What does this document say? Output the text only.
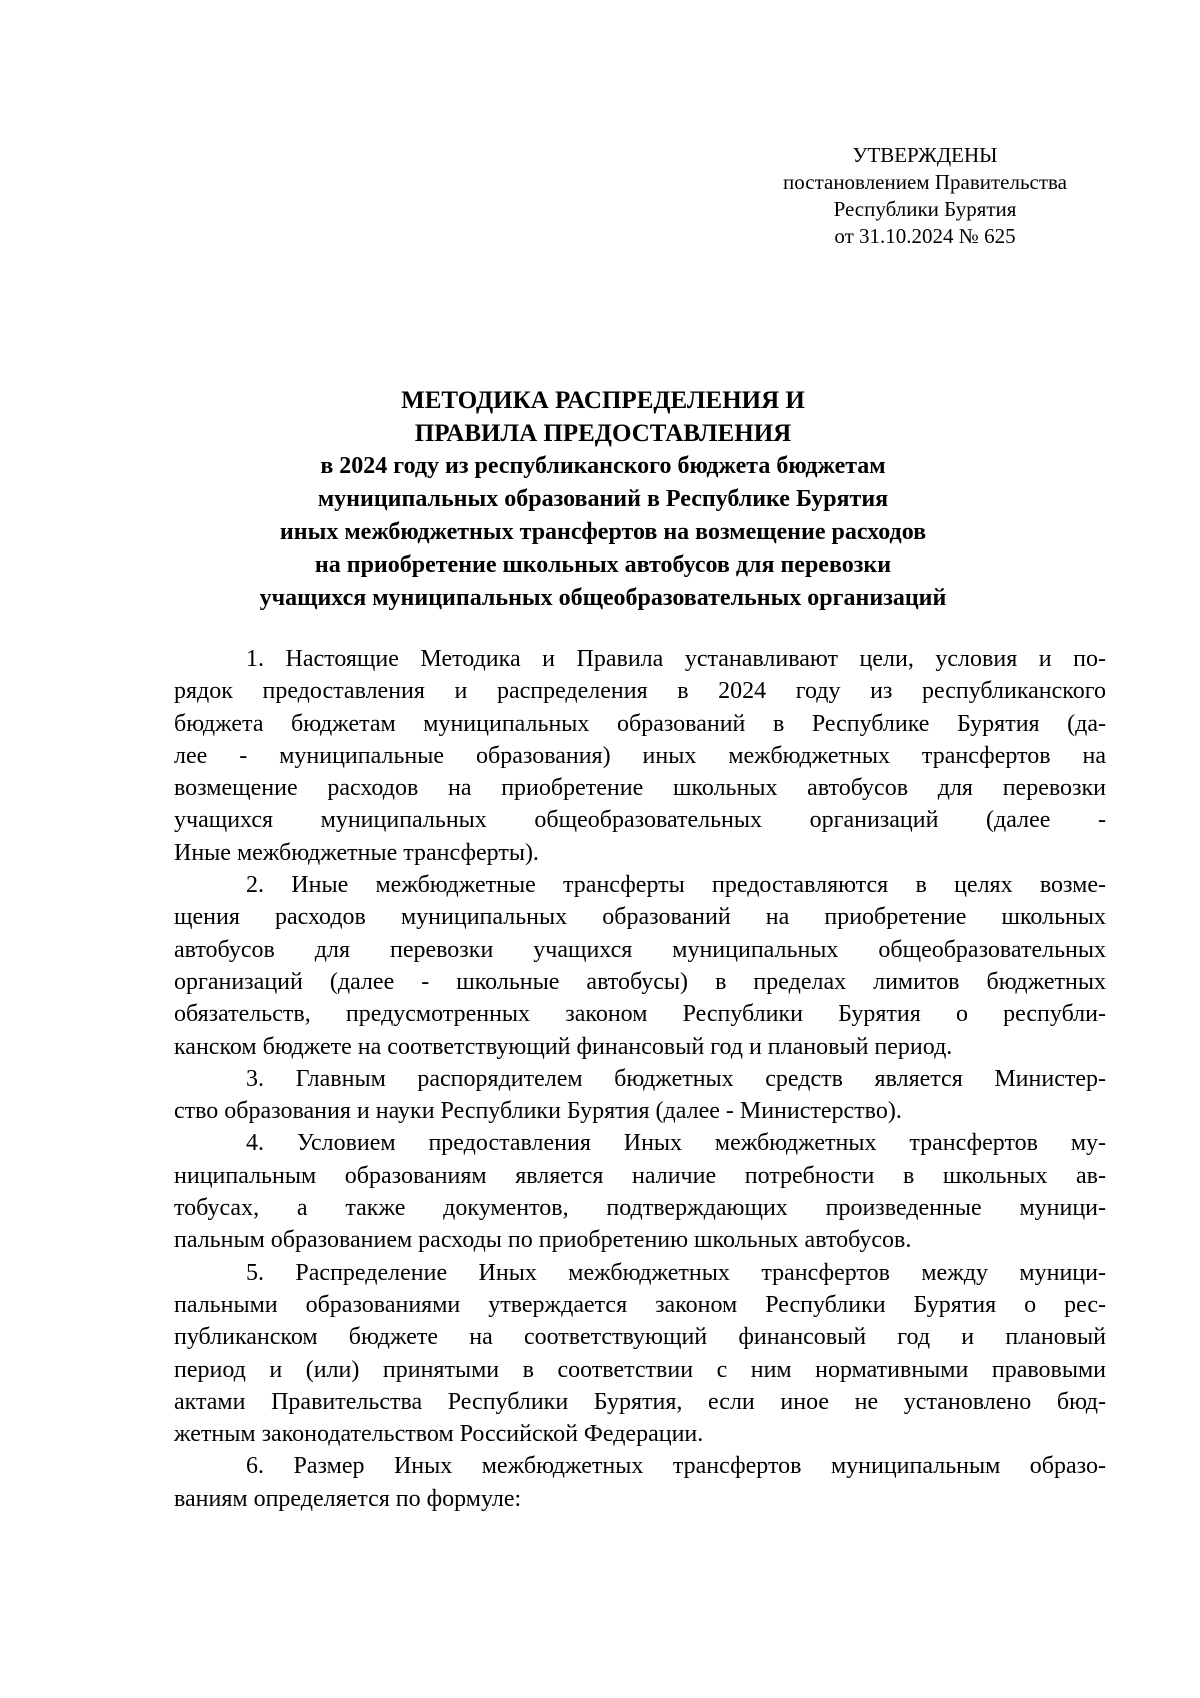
УТВЕРЖДЕНЫ
постановлением Правительства
Республики Бурятия
от 31.10.2024 № 625
МЕТОДИКА РАСПРЕДЕЛЕНИЯ И
ПРАВИЛА ПРЕДОСТАВЛЕНИЯ
в 2024 году из республиканского бюджета бюджетам
муниципальных образований в Республике Бурятия
иных межбюджетных трансфертов на возмещение расходов
на приобретение школьных автобусов для перевозки
учащихся муниципальных общеобразовательных организаций
1. Настоящие Методика и Правила устанавливают цели, условия и по-
рядок предоставления и распределения в 2024 году из республиканского
бюджета бюджетам муниципальных образований в Республике Бурятия (да-
лее - муниципальные образования) иных межбюджетных трансфертов на
возмещение расходов на приобретение школьных автобусов для перевозки
учащихся муниципальных общеобразовательных организаций (далее -
Иные межбюджетные трансферты).
2. Иные межбюджетные трансферты предоставляются в целях возме-
щения расходов муниципальных образований на приобретение школьных
автобусов для перевозки учащихся муниципальных общеобразовательных
организаций (далее - школьные автобусы) в пределах лимитов бюджетных
обязательств, предусмотренных законом Республики Бурятия о республи-
канском бюджете на соответствующий финансовый год и плановый период.
3. Главным распорядителем бюджетных средств является Министер-
ство образования и науки Республики Бурятия (далее - Министерство).
4. Условием предоставления Иных межбюджетных трансфертов му-
ниципальным образованиям является наличие потребности в школьных ав-
тобусах, а также документов, подтверждающих произведенные муници-
пальным образованием расходы по приобретению школьных автобусов.
5. Распределение Иных межбюджетных трансфертов между муници-
пальными образованиями утверждается законом Республики Бурятия о рес-
публиканском бюджете на соответствующий финансовый год и плановый
период и (или) принятыми в соответствии с ним нормативными правовыми
актами Правительства Республики Бурятия, если иное не установлено бюд-
жетным законодательством Российской Федерации.
6. Размер Иных межбюджетных трансфертов муниципальным образо-
ваниям определяется по формуле:
